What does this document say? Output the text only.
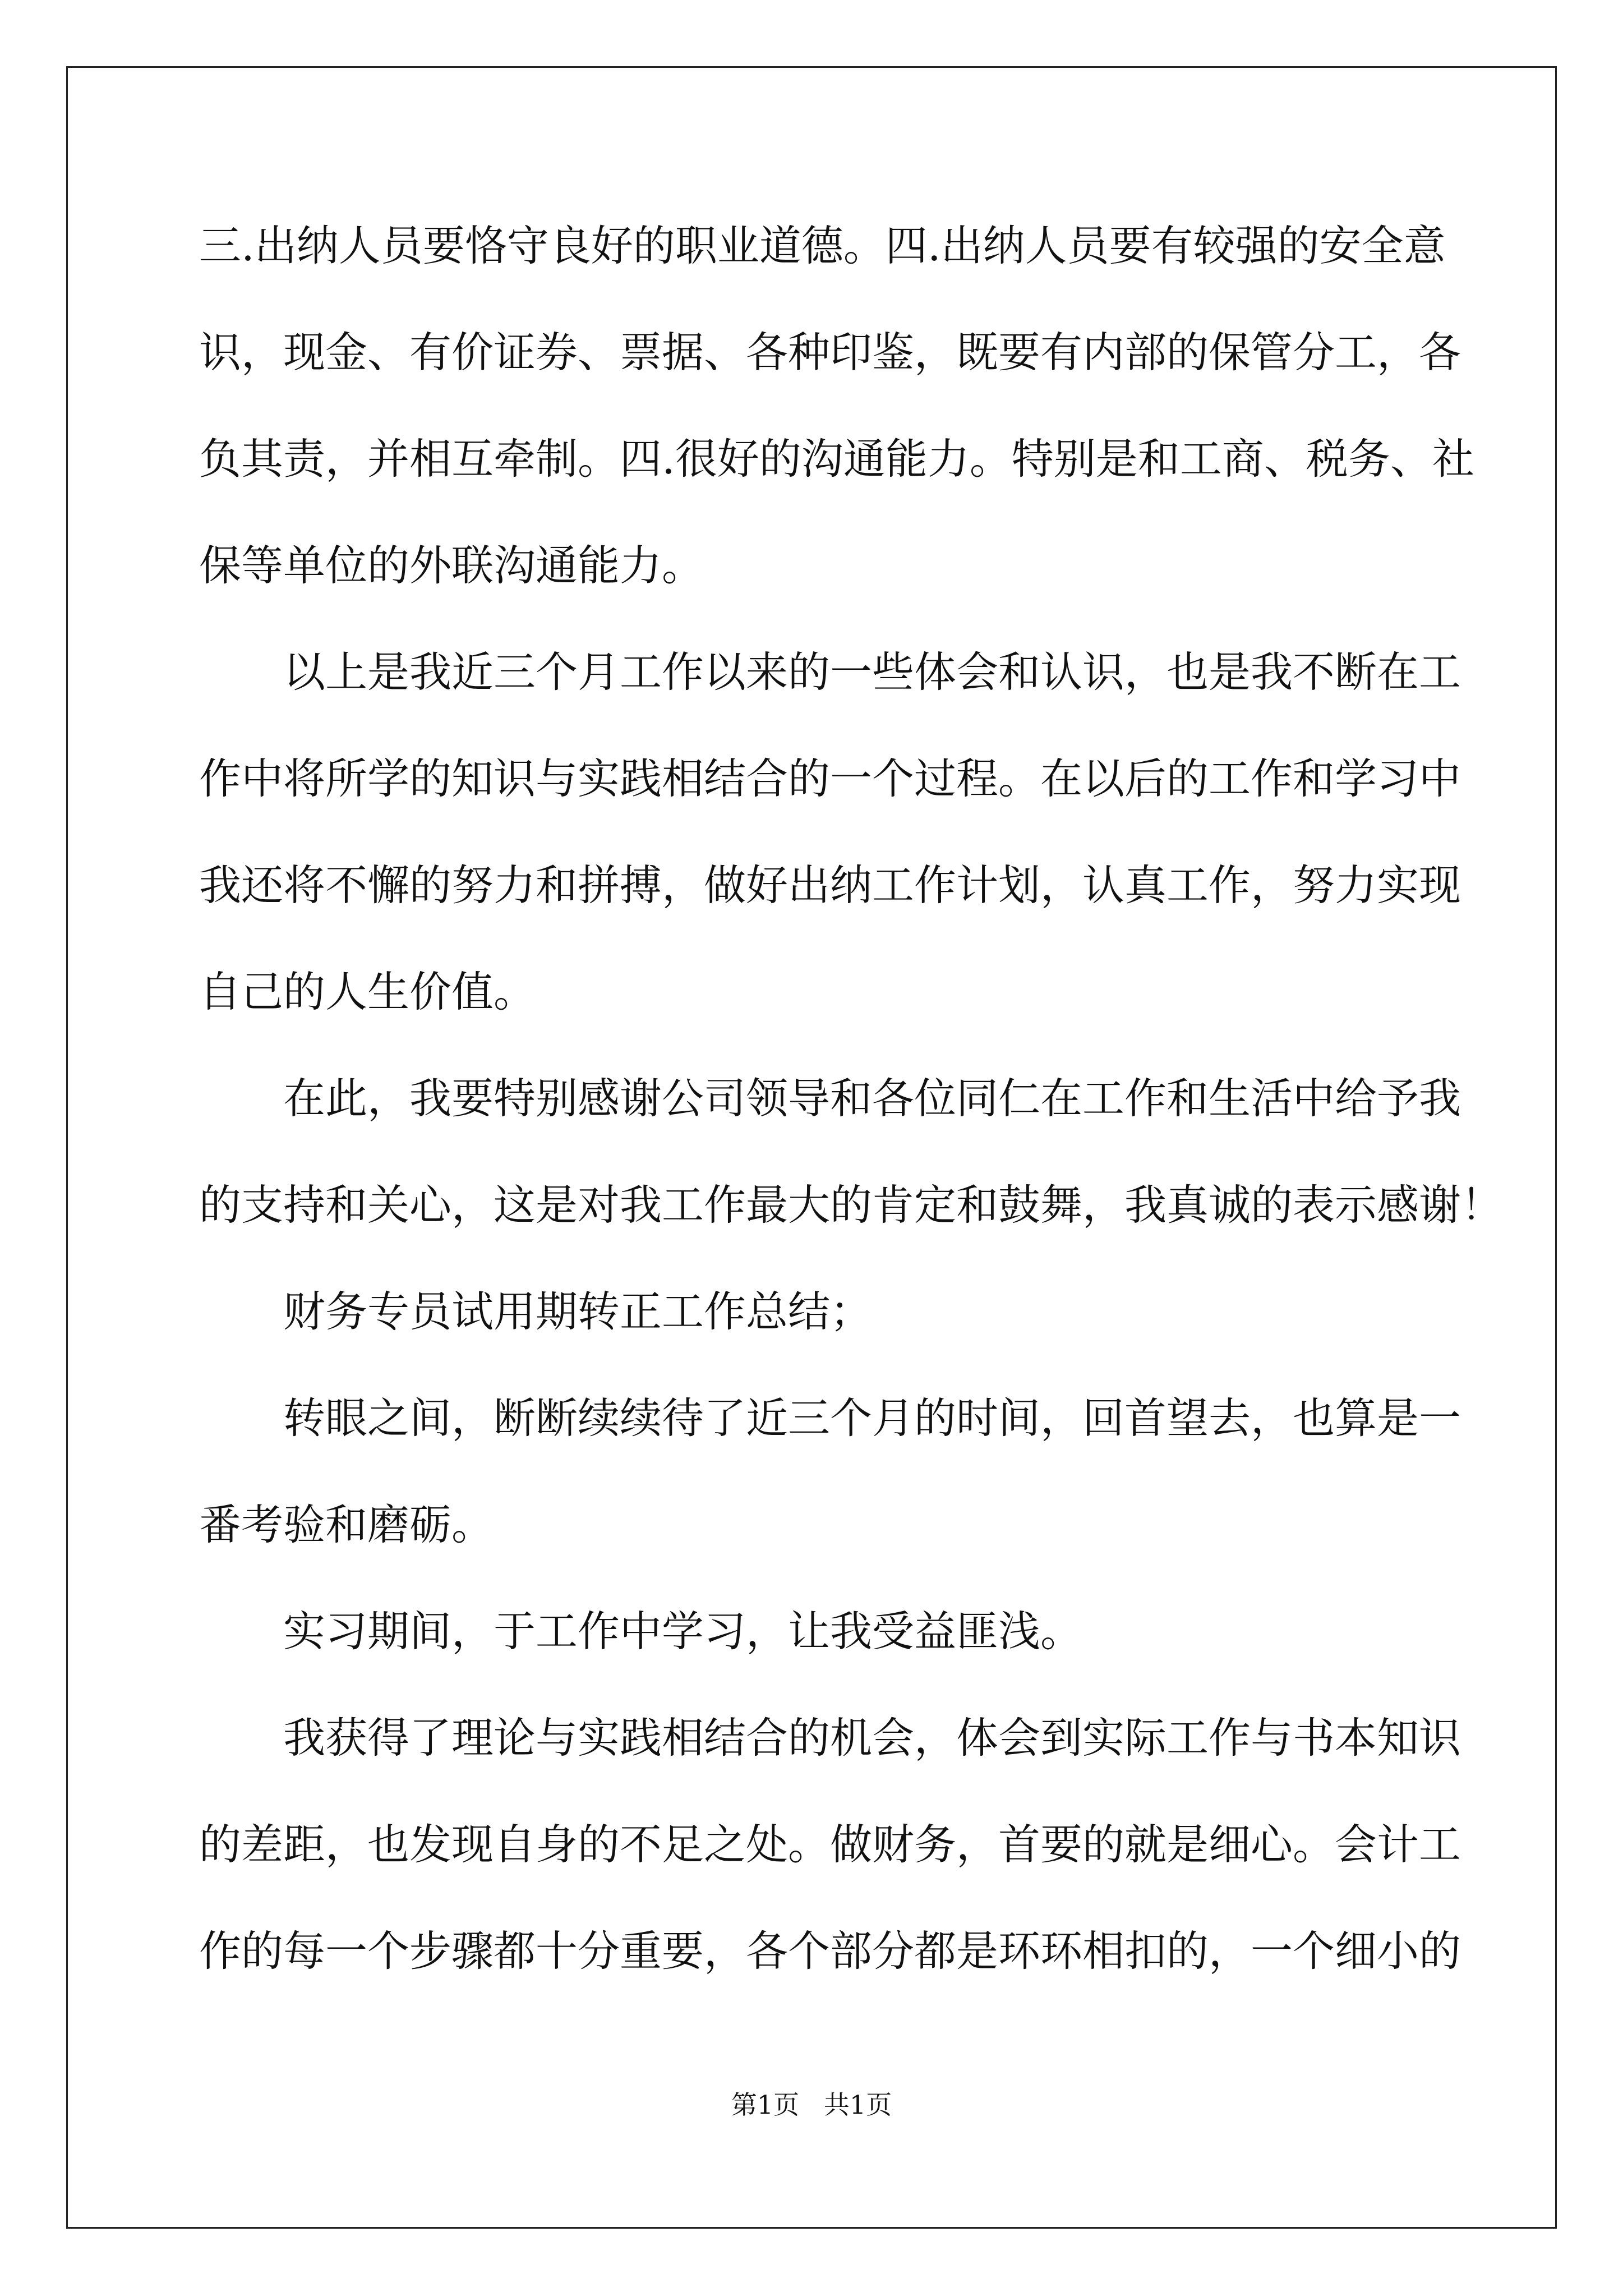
三.出纳人员要恪守良好的职业道德。四.出纳人员要有较强的安全意
识，现金、有价证券、票据、各种印鉴，既要有内部的保管分工，各
负其责，并相互牵制。四.很好的沟通能力。特别是和工商、税务、社
保等单位的外联沟通能力。
以上是我近三个月工作以来的一些体会和认识，也是我不断在工
作中将所学的知识与实践相结合的一个过程。在以后的工作和学习中
我还将不懈的努力和拼搏，做好出纳工作计划，认真工作，努力实现
自己的人生价值。
在此，我要特别感谢公司领导和各位同仁在工作和生活中给予我
的支持和关心，这是对我工作最大的肯定和鼓舞，我真诚的表示感谢！
财务专员试用期转正工作总结；
转眼之间，断断续续待了近三个月的时间，回首望去，也算是一
番考验和磨砺。
实习期间，于工作中学习，让我受益匪浅。
我获得了理论与实践相结合的机会，体会到实际工作与书本知识
的差距，也发现自身的不足之处。做财务，首要的就是细心。会计工
作的每一个步骤都十分重要，各个部分都是环环相扣的，一个细小的
第1页   共1页
